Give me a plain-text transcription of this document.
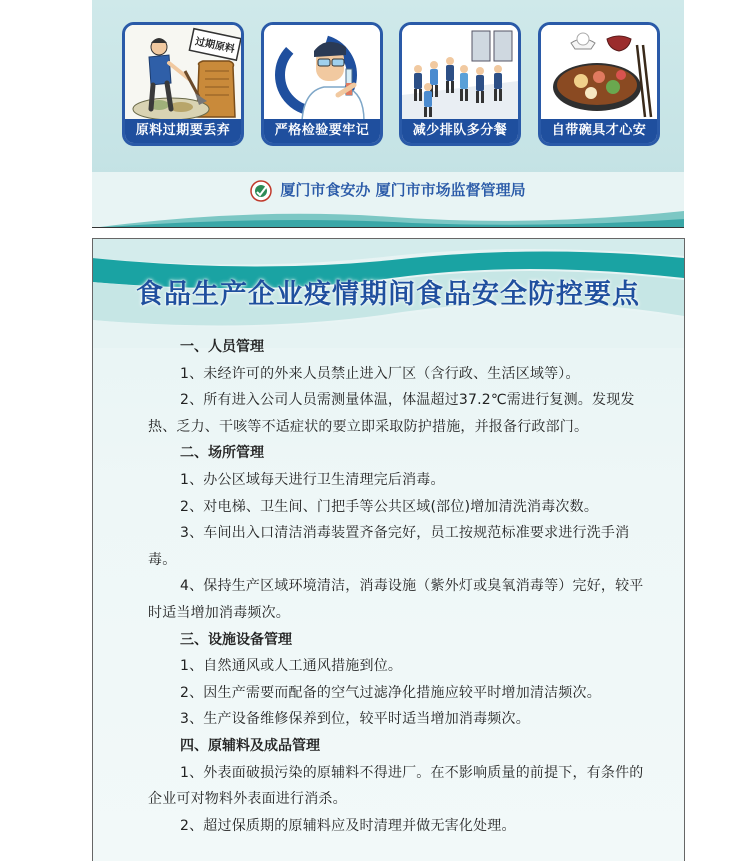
过期原料
原料过期要丢弃	严格检验要牢记	减少排队多分餐	自带碗具才心安
厦门市食安办 厦门市市场监督管理局
食品生产企业疫情期间食品安全防控要点

一、人员管理

1、未经许可的外来人员禁止进入厂区（含行政、生活区域等）。

2、所有进入公司人员需测量体温，体温超过37.2℃需进行复测。发现发热、乏力、干咳等不适症状的要立即采取防护措施，并报备行政部门。

二、场所管理

1、办公区域每天进行卫生清理完后消毒。

2、对电梯、卫生间、门把手等公共区域(部位)增加清洗消毒次数。

3、车间出入口清洁消毒装置齐备完好，员工按规范标准要求进行洗手消毒。

4、保持生产区域环境清洁，消毒设施（紫外灯或臭氧消毒等）完好，较平时适当增加消毒频次。

三、设施设备管理

1、自然通风或人工通风措施到位。

2、因生产需要而配备的空气过滤净化措施应较平时增加清洁频次。

3、生产设备维修保养到位，较平时适当增加消毒频次。

四、原辅料及成品管理

1、外表面破损污染的原辅料不得进厂。在不影响质量的前提下，有条件的企业可对物料外表面进行消杀。

2、超过保质期的原辅料应及时清理并做无害化处理。
